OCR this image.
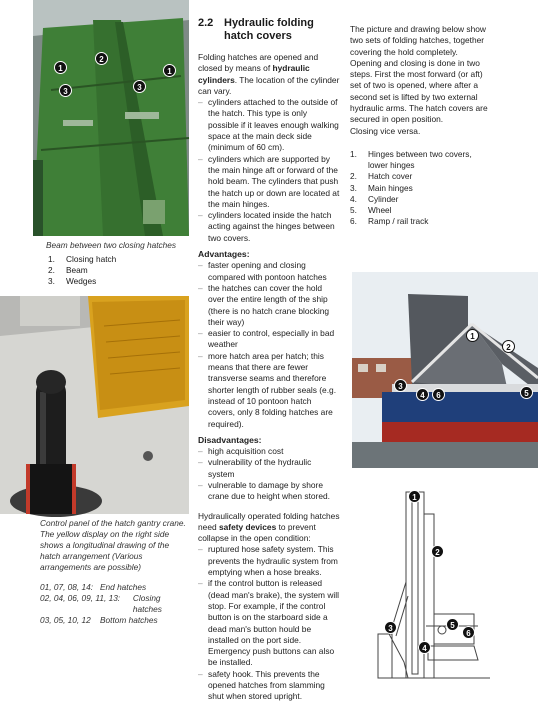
1
2
1
3	3
Beam between two closing hatches
1.	Closing hatch
2.	Beam
3.	Wedges
Control panel of the hatch gantry crane. The yellow display on the right side shows a longitudinal drawing of the hatch arrangement (Various arrangements are possible)
01, 07, 08, 14: End hatches
02, 04, 06, 09, 11, 13:	Closing hatches
03, 05, 10, 12	Bottom hatches
2.2 Hydraulic folding
hatch covers

Folding hatches are opened and closed by means of hydraulic cylinders. The location of the cylinder can vary.

– cylinders attached to the outside of the hatch. This type is only possible if it leaves enough walking space at the main deck side (minimum of 60 cm).
– cylinders which are supported by the main hinge aft or forward of the hold beam. The cylinders that push the hatch up or down are located at the main hinges.
– cylinders located inside the hatch acting against the hinges between two covers.

Advantages:

– faster opening and closing compared with pontoon hatches
– the hatches can cover the hold over the entire length of the ship (there is no hatch crane blocking their way)
– easier to control, especially in bad weather
– more hatch area per hatch; this means that there are fewer transverse seams and therefore shorter length of rubber seals (e.g. instead of 10 pontoon hatch covers, only 8 folding hatches are required).

Disadvantages:

– high acquisition cost
– vulnerability of the hydraulic system
– vulnerable to damage by shore crane due to height when stored.

Hydraulically operated folding hatches need safety devices to prevent collapse in the open condition:

– ruptured hose safety system. This prevents the hydraulic system from emptying when a hose breaks.
– if the control button is released (dead man's brake), the system will stop. For example, if the control button is on the starboard side a dead man's button hould be installed on the port side. Emergency push buttons can also be installed.
– safety hook. This prevents the opened hatches from slamming shut when stored upright.

The picture and drawing below show two sets of folding hatches, together covering the hold completely.

Opening and closing is done in two steps. First the most forward (or aft) set of two is opened, where after a second set is lifted by two external hydraulic arms. The hatch covers are secured in open position.

Closing vice versa.

1.	Hinges between two covers, lower hinges
2.	Hatch cover
3.	Main hinges
4.	Cylinder
5.	Wheel
6.	Ramp / rail track
1
2
3
4	6	5
1
2
3
4
5
6
